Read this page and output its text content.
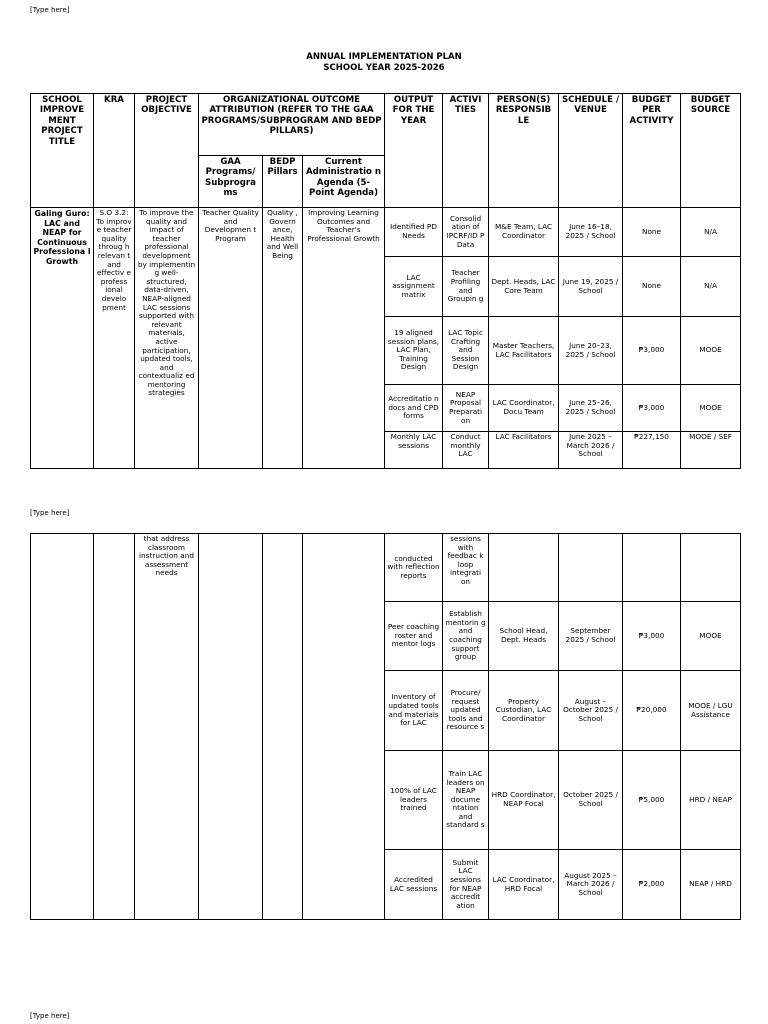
[Type here]
ANNUAL IMPLEMENTATION PLAN
SCHOOL YEAR 2025-2026
SCHOOL IMPROVE MENT PROJECT TITLE	KRA	PROJECT OBJECTIVE	ORGANIZATIONAL OUTCOME ATTRIBUTION (REFER TO THE GAA PROGRAMS/SUBPROGRAM AND BEDP PILLARS)			OUTPUT FOR THE YEAR	ACTIVI TIES	PERSON(S) RESPONSIB LE	SCHEDULE / VENUE	BUDGET PER ACTIVITY	BUDGET SOURCE
			GAA Programs/ Subprogra ms	BEDP Pillars	Current Administratio n Agenda (5-Point Agenda)						
Galing Guro: LAC and NEAP for Continuous Professiona l Growth	S.O 3.2: To improv e teacher quality throug h relevan t and effectiv e profess ional develo pment	To improve the quality and impact of teacher professional development by implementin g well-structured, data-driven, NEAP-aligned LAC sessions supported with relevant materials, active participation, updated tools, and contextualiz ed mentoring strategies	Teacher Quality and Developmen t Program	Quality , Govern ance, Health and Well Being	Improving Learning Outcomes and Teacher's Professional Growth	Identified PD Needs	Consolid ation of IPCRF/ID P Data	M&E Team, LAC Coordinator	June 16–18, 2025 / School	None	N/A
						LAC assignment matrix	Teacher Profiling and Groupin g	Dept. Heads, LAC Core Team	June 19, 2025 / School	None	N/A
						19 aligned session plans, LAC Plan, Training Design	LAC Topic Crafting and Session Design	Master Teachers, LAC Facilitators	June 20–23, 2025 / School	₱3,000	MOOE
						Accreditatio n docs and CPD forms	NEAP Proposal Preparati on	LAC Coordinator, Docu Team	June 25–26, 2025 / School	₱3,000	MOOE
						Monthly LAC sessions	Conduct monthly LAC	LAC Facilitators	June 2025 – March 2026 / School	₱227,150	MOOE / SEF
[Type here]
		that address classroom instruction and assessment needs				conducted with reflection reports	sessions with feedbac k loop integrati on				
						Peer coaching roster and mentor logs	Establish mentorin g and coaching support group	School Head, Dept. Heads	September 2025 / School	₱3,000	MOOE
						Inventory of updated tools and materials for LAC	Procure/ request updated tools and resource s	Property Custodian, LAC Coordinator	August – October 2025 / School	₱20,000	MOOE / LGU Assistance
						100% of LAC leaders trained	Train LAC leaders on NEAP docume ntation and standard s	HRD Coordinator, NEAP Focal	October 2025 / School	₱5,000	HRD / NEAP
						Accredited LAC sessions	Submit LAC sessions for NEAP accredit ation	LAC Coordinator, HRD Focal	August 2025 – March 2026 / School	₱2,000	NEAP / HRD
[Type here]
